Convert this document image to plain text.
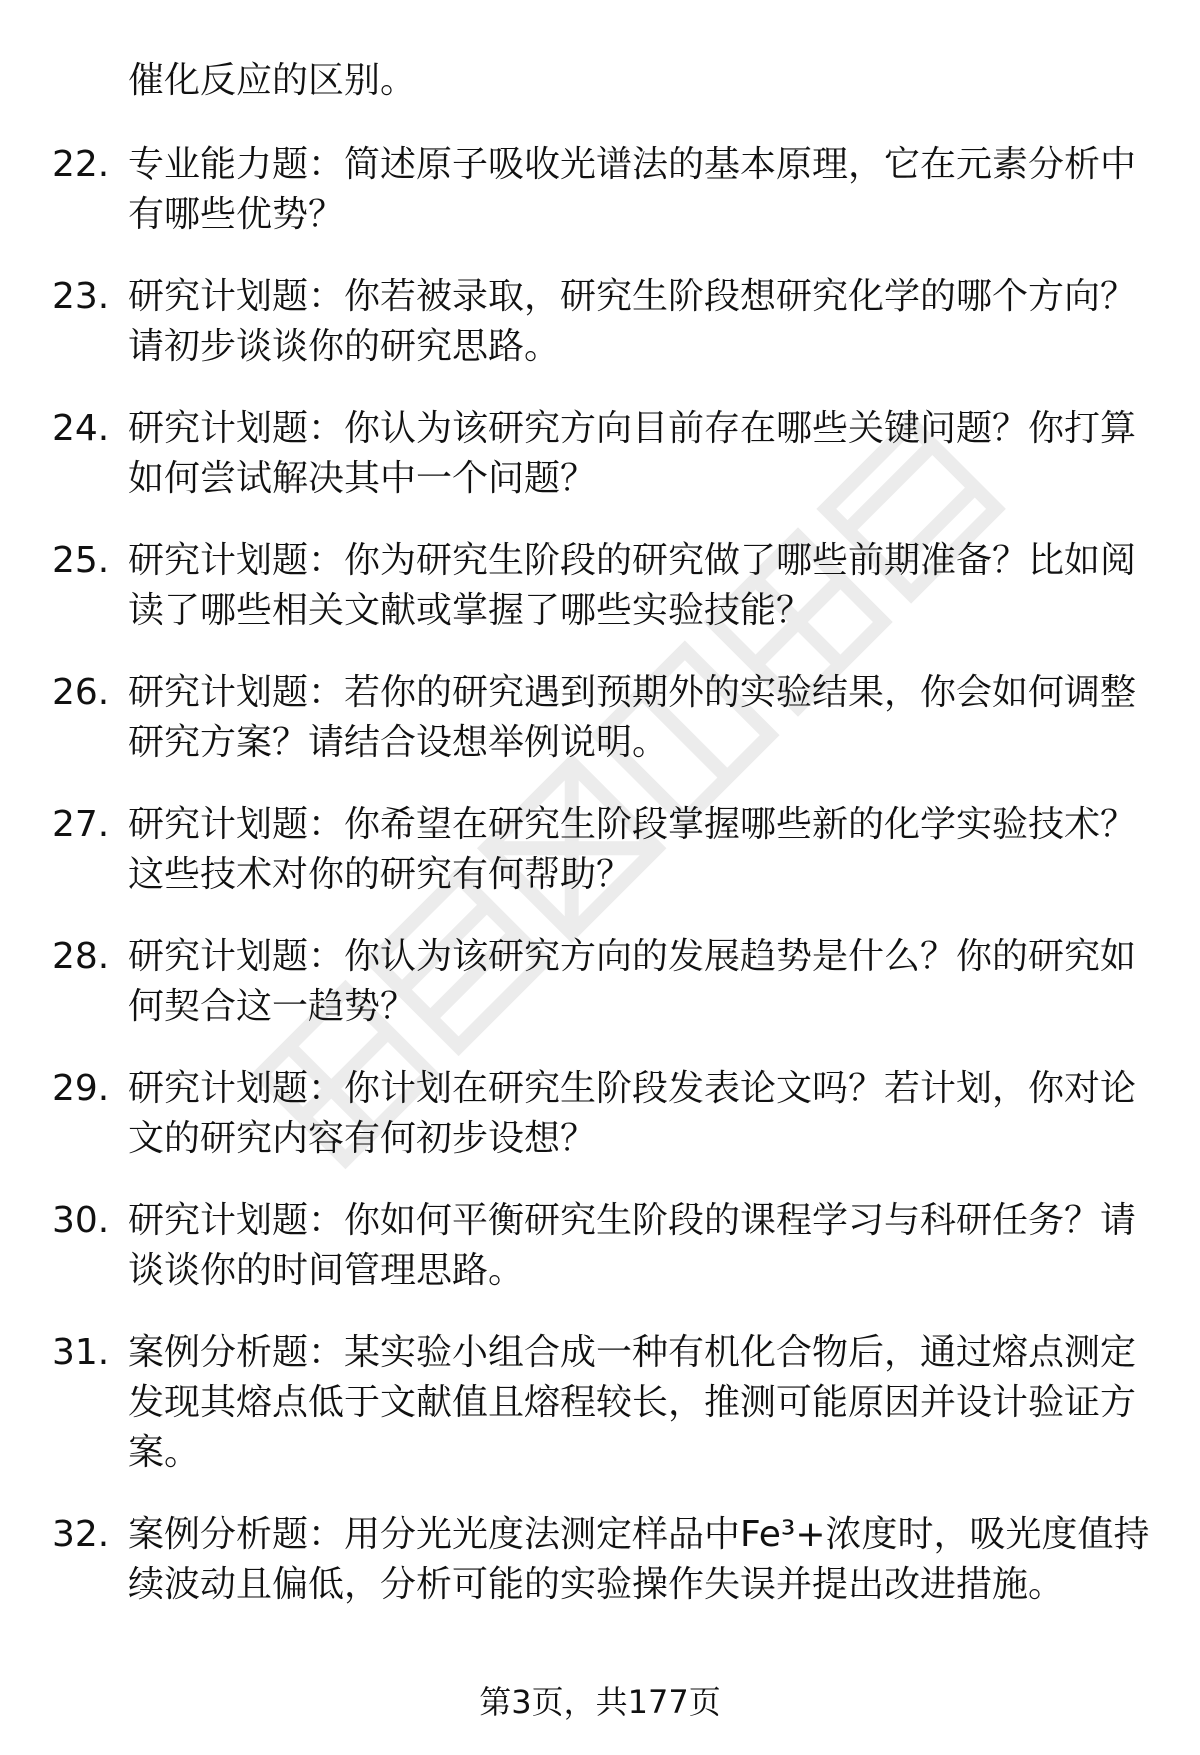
催化反应的区别。
22. 专业能力题：简述原子吸收光谱法的基本原理，它在元素分析中
有哪些优势？
23. 研究计划题：你若被录取，研究生阶段想研究化学的哪个方向？
请初步谈谈你的研究思路。
24. 研究计划题：你认为该研究方向目前存在哪些关键问题？你打算
如何尝试解决其中一个问题？
25. 研究计划题：你为研究生阶段的研究做了哪些前期准备？比如阅
读了哪些相关文献或掌握了哪些实验技能？
26. 研究计划题：若你的研究遇到预期外的实验结果，你会如何调整
研究方案？请结合设想举例说明。
27. 研究计划题：你希望在研究生阶段掌握哪些新的化学实验技术？
这些技术对你的研究有何帮助？
28. 研究计划题：你认为该研究方向的发展趋势是什么？你的研究如
何契合这一趋势？
29. 研究计划题：你计划在研究生阶段发表论文吗？若计划，你对论
文的研究内容有何初步设想？
30. 研究计划题：你如何平衡研究生阶段的课程学习与科研任务？请
谈谈你的时间管理思路。
31. 案例分析题：某实验小组合成一种有机化合物后，通过熔点测定
发现其熔点低于文献值且熔程较长，推测可能原因并设计验证方
案。
32. 案例分析题：用分光光度法测定样品中Fe³+浓度时，吸光度值持
续波动且偏低，分析可能的实验操作失误并提出改进措施。
第3页，共177页
